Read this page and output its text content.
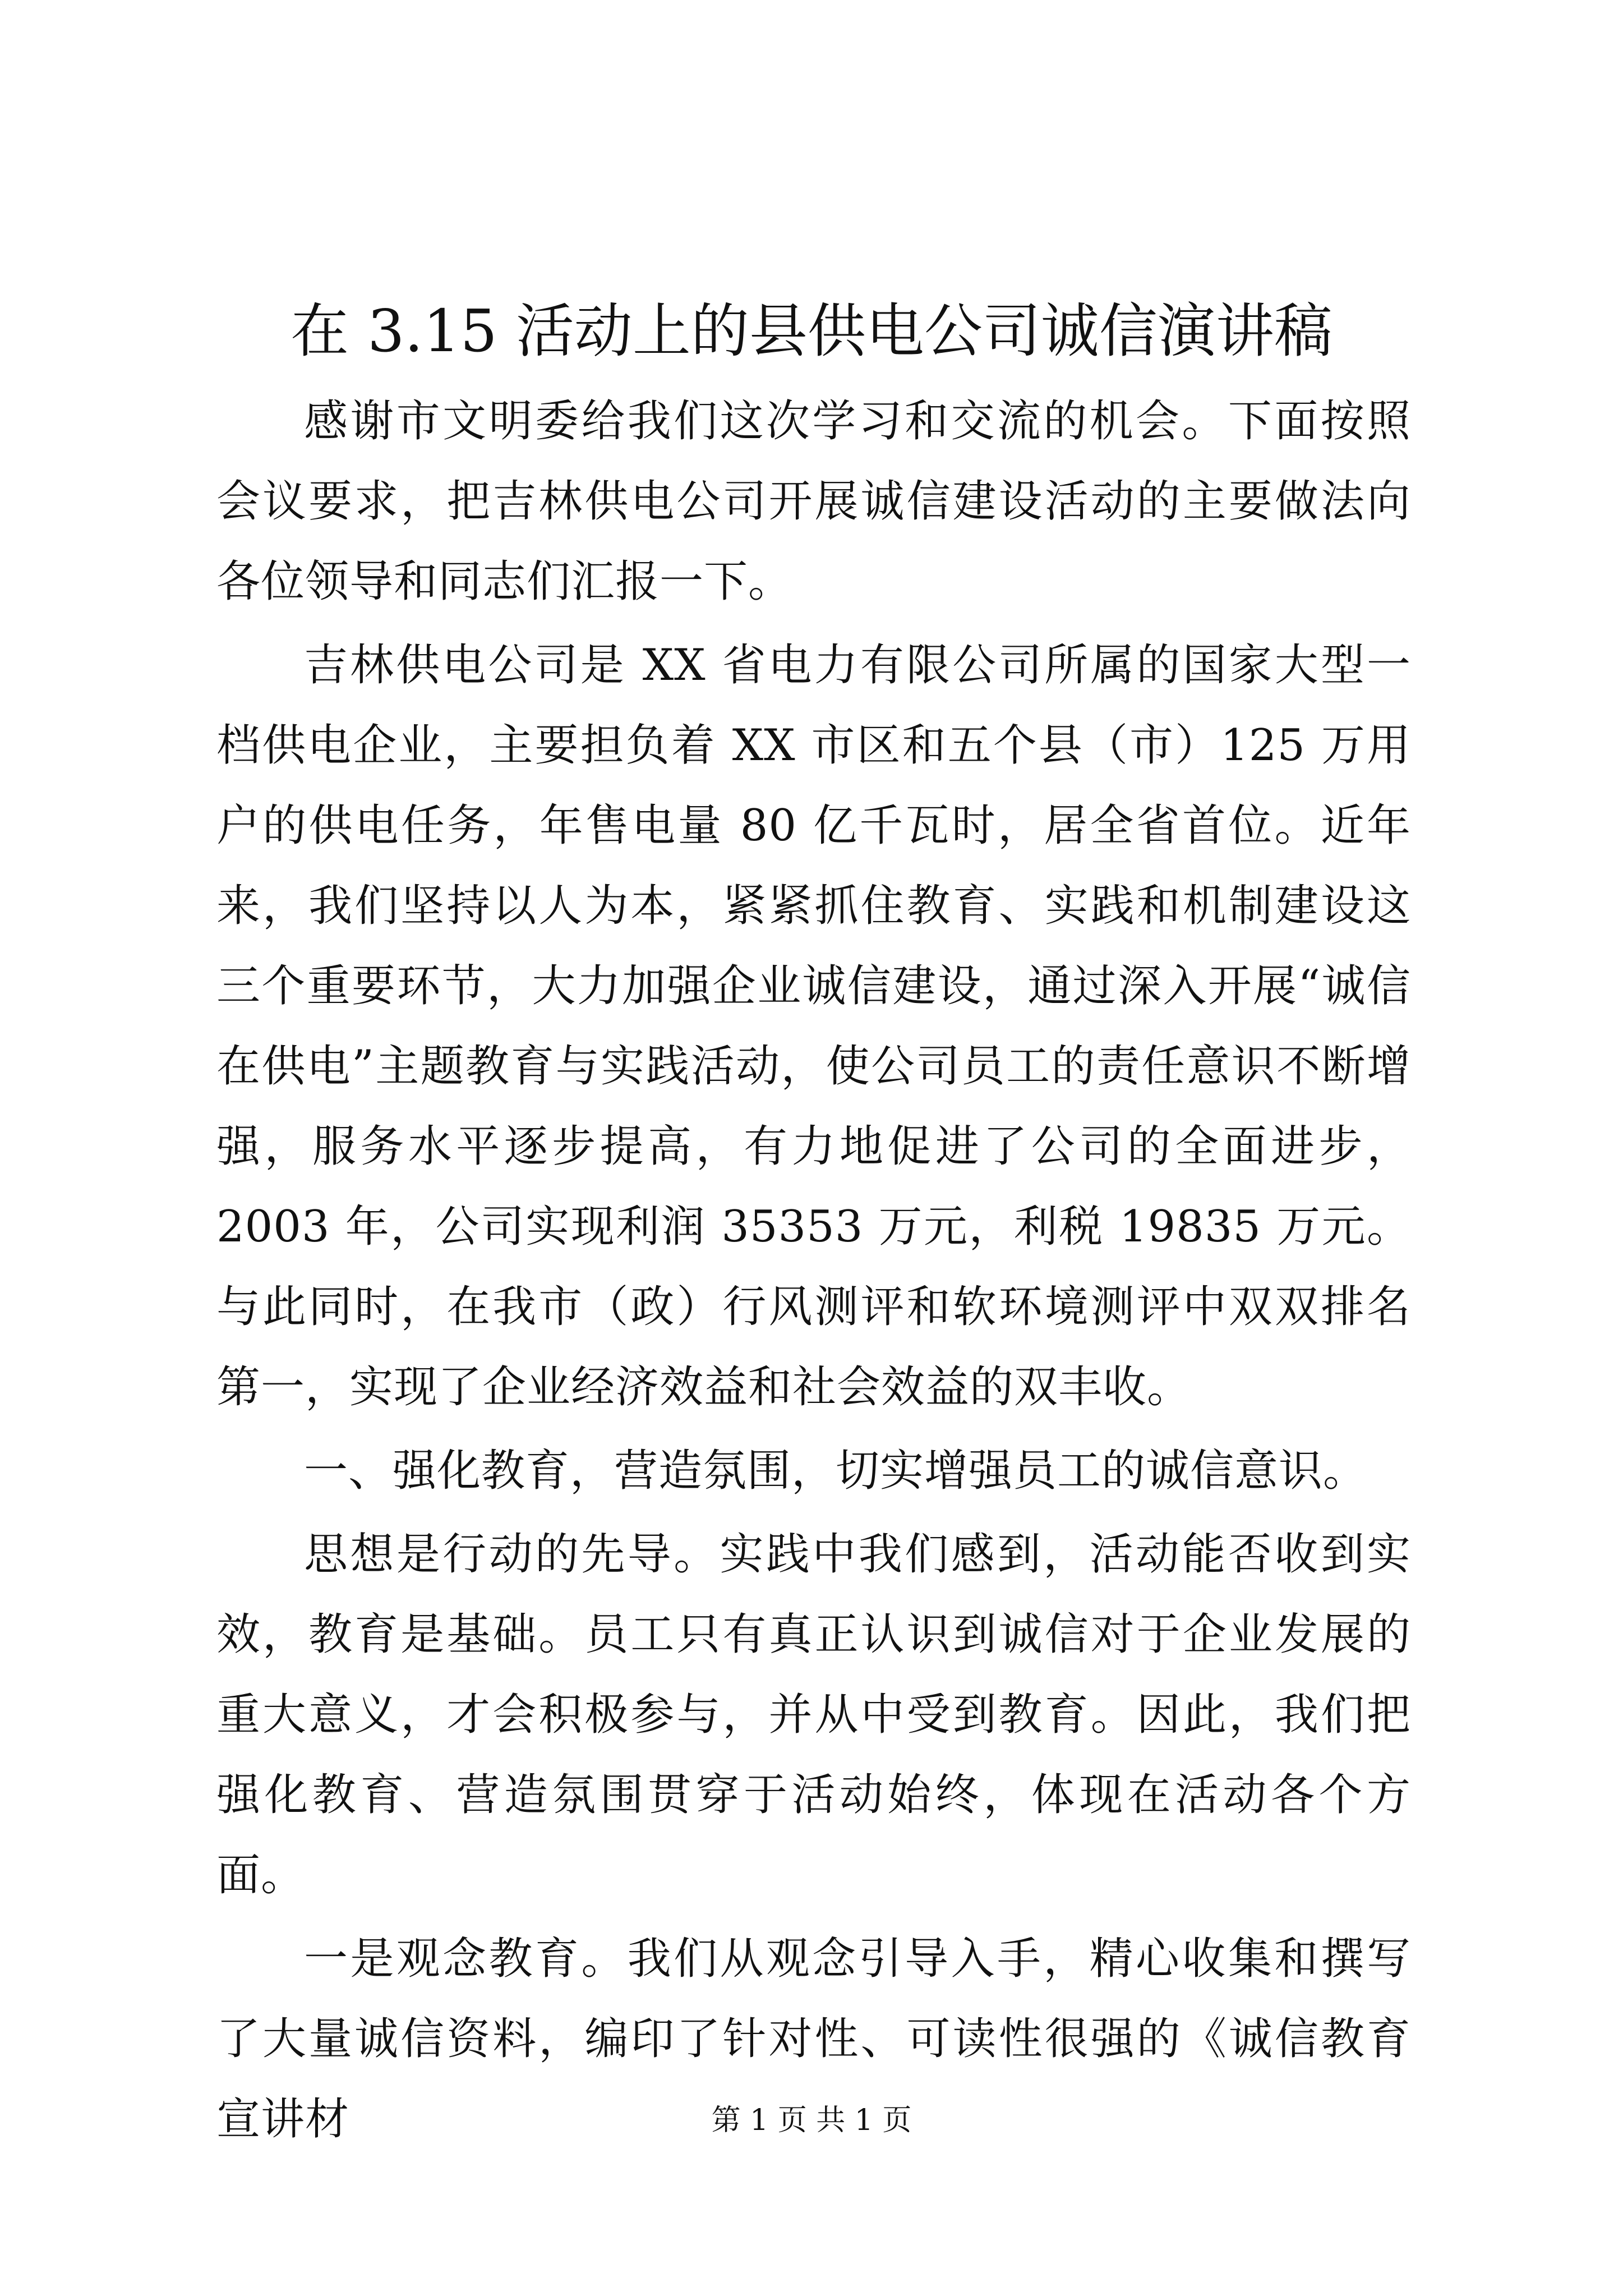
在 3.15 活动上的县供电公司诚信演讲稿

感谢市文明委给我们这次学习和交流的机会。下面按照会议要求，把吉林供电公司开展诚信建设活动的主要做法向各位领导和同志们汇报一下。

吉林供电公司是 XX 省电力有限公司所属的国家大型一档供电企业，主要担负着 XX 市区和五个县（市）125 万用户的供电任务，年售电量 80 亿千瓦时，居全省首位。近年来，我们坚持以人为本，紧紧抓住教育、实践和机制建设这三个重要环节，大力加强企业诚信建设，通过深入开展“诚信在供电”主题教育与实践活动，使公司员工的责任意识不断增强，服务水平逐步提高，有力地促进了公司的全面进步，2003 年，公司实现利润 35353 万元，利税 19835 万元。与此同时，在我市（政）行风测评和软环境测评中双双排名第一，实现了企业经济效益和社会效益的双丰收。

一、强化教育，营造氛围，切实增强员工的诚信意识。

思想是行动的先导。实践中我们感到，活动能否收到实效，教育是基础。员工只有真正认识到诚信对于企业发展的重大意义，才会积极参与，并从中受到教育。因此，我们把强化教育、营造氛围贯穿于活动始终，体现在活动各个方面。

一是观念教育。我们从观念引导入手，精心收集和撰写了大量诚信资料，编印了针对性、可读性很强的《诚信教育宣讲材	第 1 页 共 1 页
